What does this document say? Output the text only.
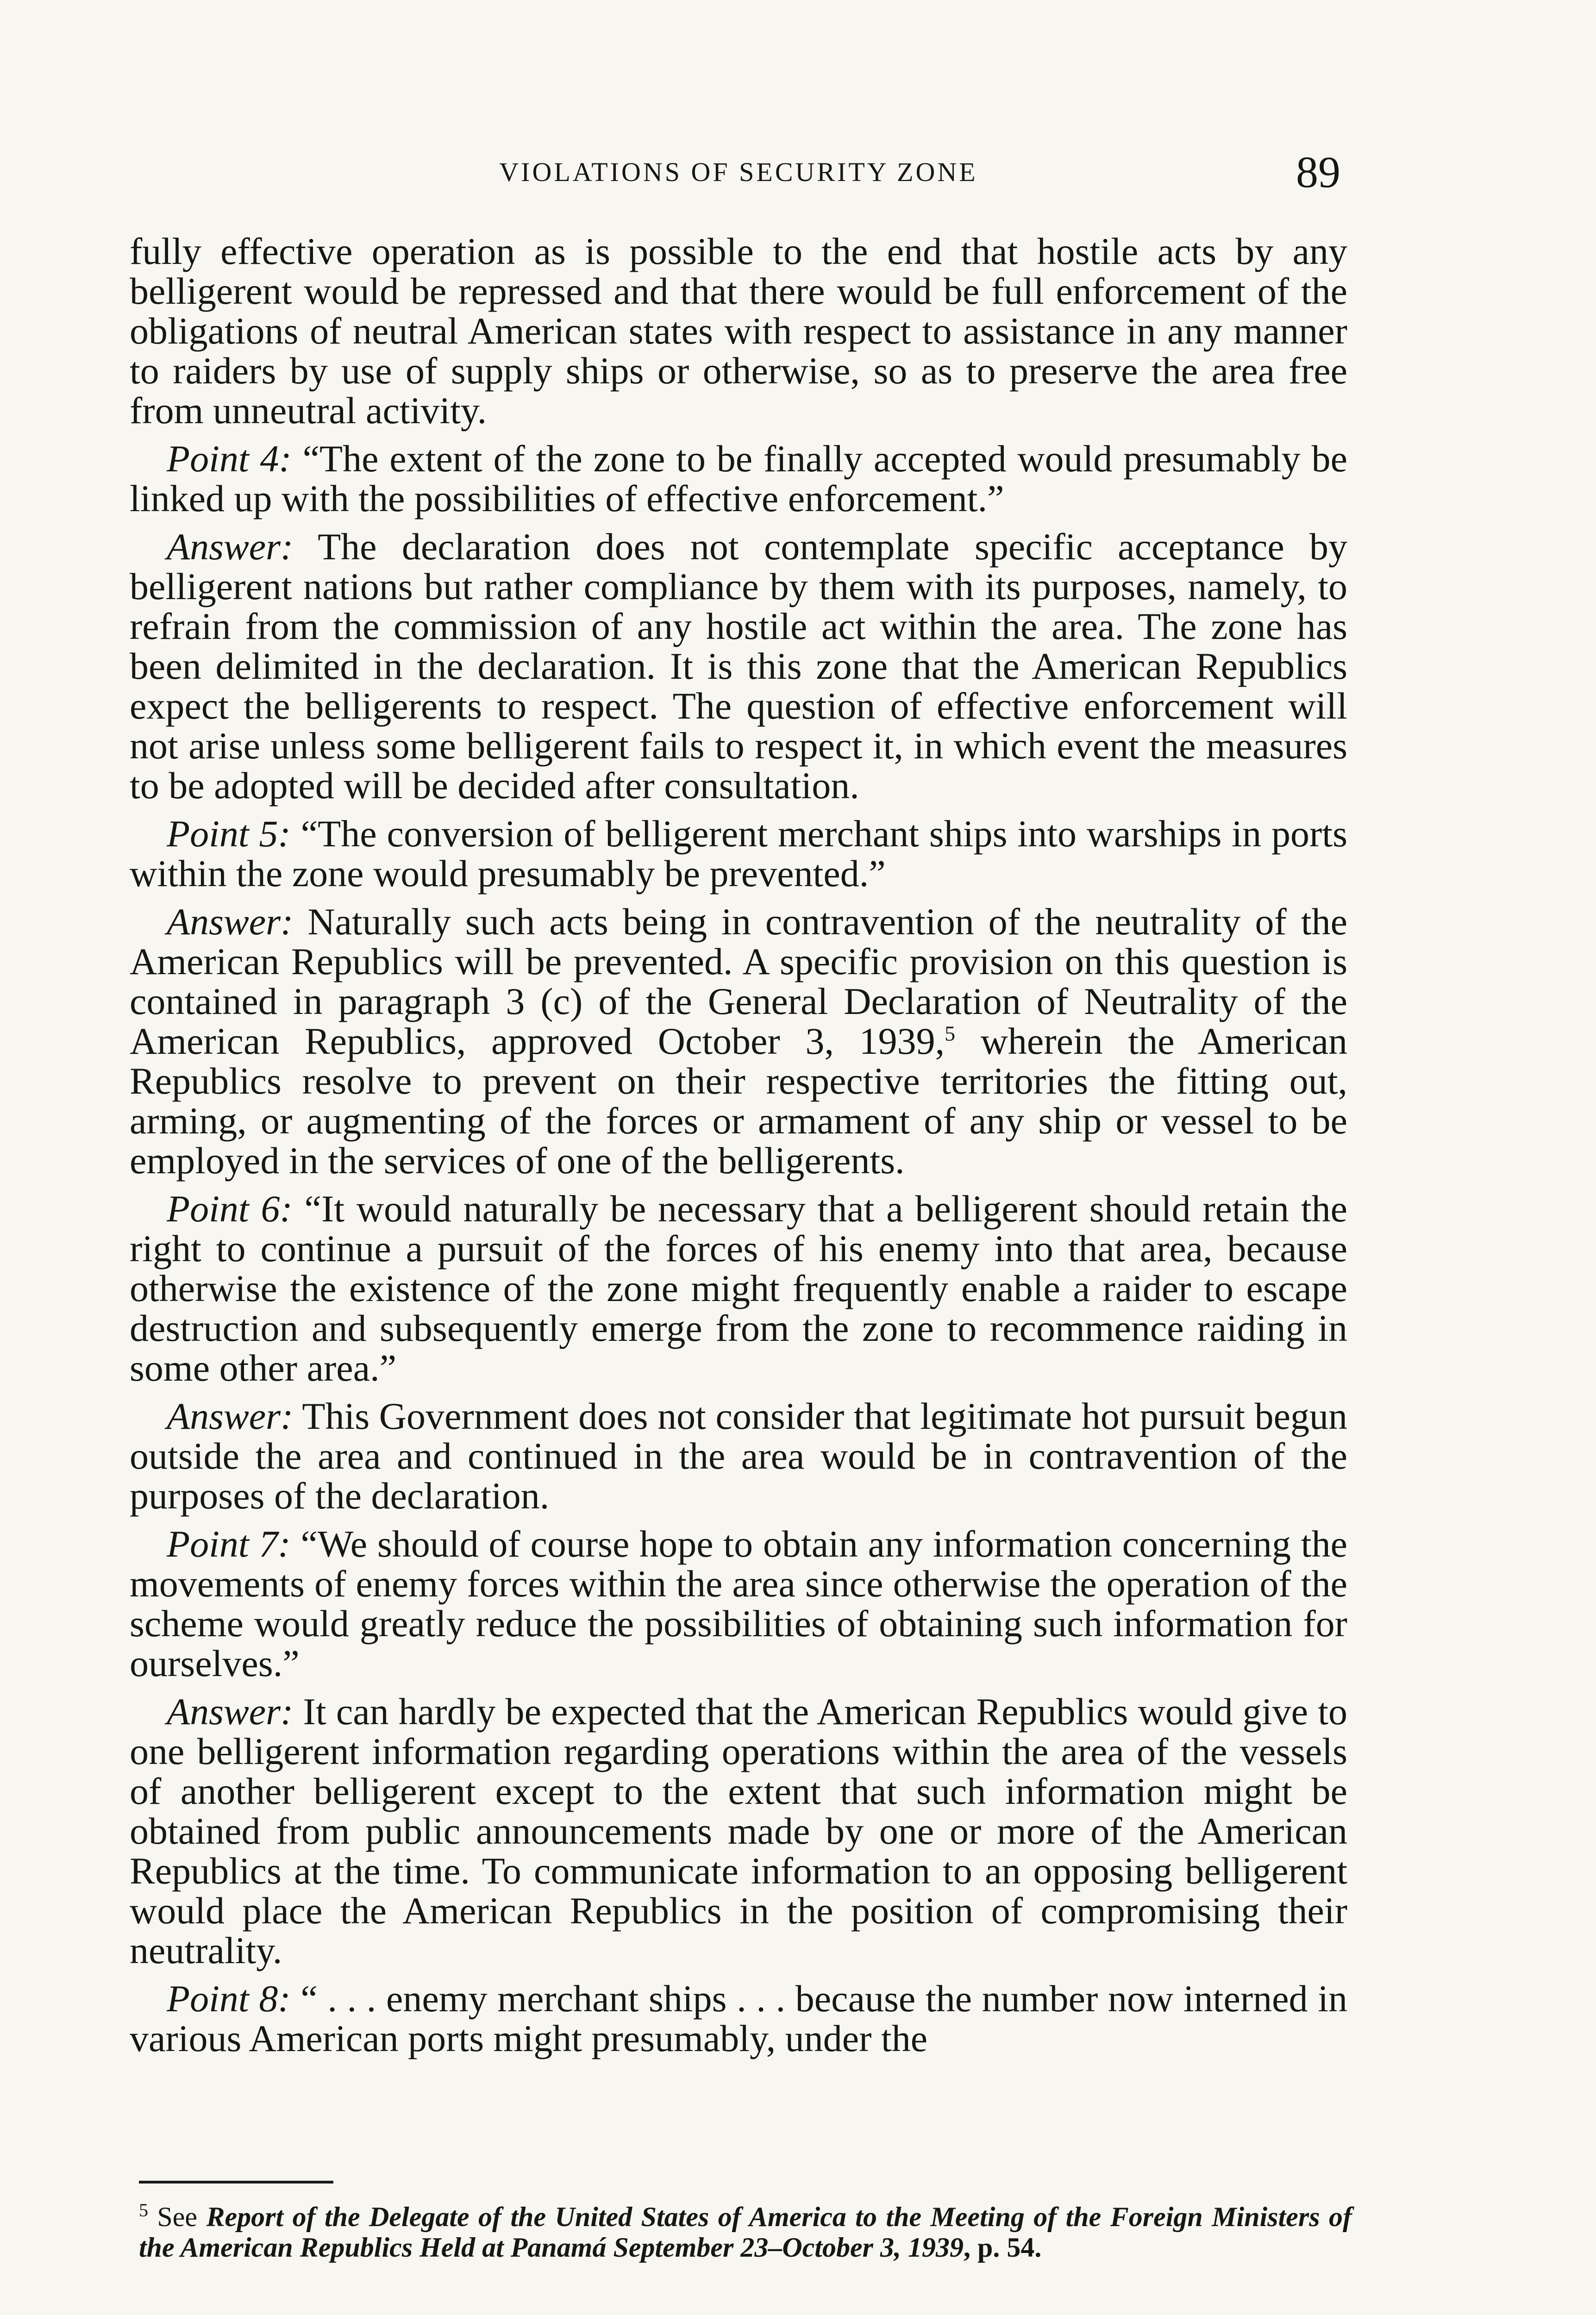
VIOLATIONS OF SECURITY ZONE	89

fully effective operation as is possible to the end that hostile acts by any belligerent would be repressed and that there would be full enforcement of the obligations of neutral American states with respect to assistance in any manner to raiders by use of supply ships or otherwise, so as to preserve the area free from unneutral activity.

Point 4: “The extent of the zone to be finally accepted would presumably be linked up with the possibilities of effective enforcement.”

Answer: The declaration does not contemplate specific acceptance by belligerent nations but rather compliance by them with its purposes, namely, to refrain from the commission of any hostile act within the area. The zone has been delimited in the declaration. It is this zone that the American Republics expect the belligerents to respect. The question of effective enforcement will not arise unless some belligerent fails to respect it, in which event the measures to be adopted will be decided after consultation.

Point 5: “The conversion of belligerent merchant ships into warships in ports within the zone would presumably be prevented.”

Answer: Naturally such acts being in contravention of the neutrality of the American Republics will be prevented. A specific provision on this question is contained in paragraph 3 (c) of the General Declaration of Neutrality of the American Republics, approved October 3, 1939,$^5$ wherein the American Republics resolve to prevent on their respective territories the fitting out, arming, or augmenting of the forces or armament of any ship or vessel to be employed in the services of one of the belligerents.

Point 6: “It would naturally be necessary that a belligerent should retain the right to continue a pursuit of the forces of his enemy into that area, because otherwise the existence of the zone might frequently enable a raider to escape destruction and subsequently emerge from the zone to recommence raiding in some other area.”

Answer: This Government does not consider that legitimate hot pursuit begun outside the area and continued in the area would be in contravention of the purposes of the declaration.

Point 7: “We should of course hope to obtain any information concerning the movements of enemy forces within the area since otherwise the operation of the scheme would greatly reduce the possibilities of obtaining such information for ourselves.”

Answer: It can hardly be expected that the American Republics would give to one belligerent information regarding operations within the area of the vessels of another belligerent except to the extent that such information might be obtained from public announcements made by one or more of the American Republics at the time. To communicate information to an opposing belligerent would place the American Republics in the position of compromising their neutrality.

Point 8: “ . . . enemy merchant ships . . . because the number now interned in various American ports might presumably, under the

$^5$ See Report of the Delegate of the United States of America to the Meeting of the Foreign Ministers of the American Republics Held at Panamá September 23–October 3, 1939, p. 54.
